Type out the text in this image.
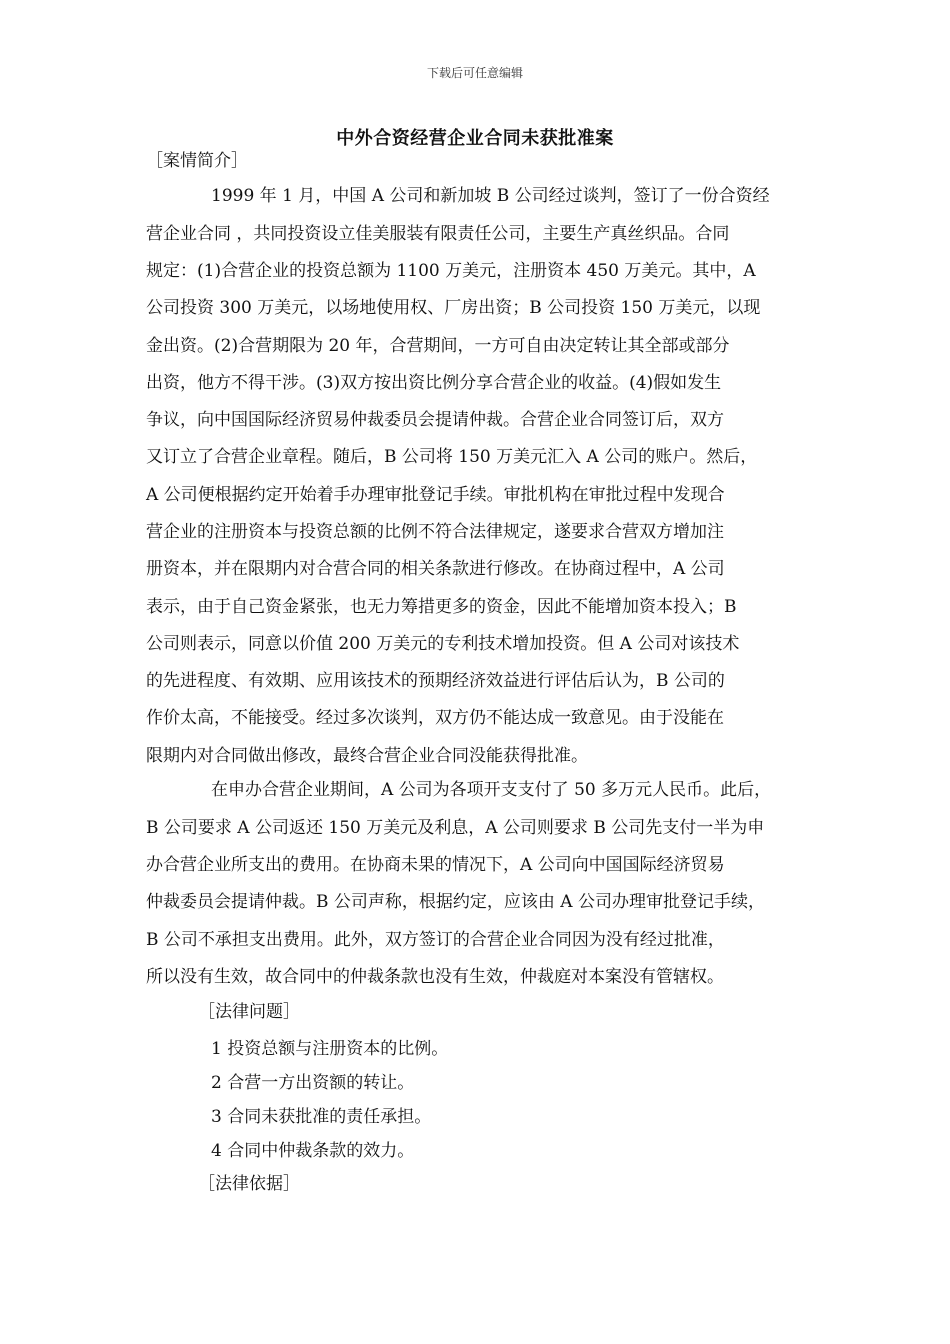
下载后可任意编辑
中外合资经营企业合同未获批准案
［案情简介］
1999 年 1 月，中国 A 公司和新加坡 B 公司经过谈判，签订了一份合资经
营企业合同 ，共同投资设立佳美服装有限责任公司，主要生产真丝织品。合同
规定：(1)合营企业的投资总额为 1100 万美元，注册资本 450 万美元。其中，A
公司投资 300 万美元，以场地使用权、厂房出资；B 公司投资 150 万美元，以现
金出资。(2)合营期限为 20 年，合营期间，一方可自由决定转让其全部或部分
出资，他方不得干涉。(3)双方按出资比例分享合营企业的收益。(4)假如发生
争议，向中国国际经济贸易仲裁委员会提请仲裁。合营企业合同签订后，双方
又订立了合营企业章程。随后，B 公司将 150 万美元汇入 A 公司的账户。然后，
A 公司便根据约定开始着手办理审批登记手续。审批机构在审批过程中发现合
营企业的注册资本与投资总额的比例不符合法律规定，遂要求合营双方增加注
册资本，并在限期内对合营合同的相关条款进行修改。在协商过程中，A 公司
表示，由于自己资金紧张，也无力筹措更多的资金，因此不能增加资本投入；B
公司则表示，同意以价值 200 万美元的专利技术增加投资。但 A 公司对该技术
的先进程度、有效期、应用该技术的预期经济效益进行评估后认为，B 公司的
作价太高，不能接受。经过多次谈判，双方仍不能达成一致意见。由于没能在
限期内对合同做出修改，最终合营企业合同没能获得批准。
在申办合营企业期间，A 公司为各项开支支付了 50 多万元人民币。此后，
B 公司要求 A 公司返还 150 万美元及利息，A 公司则要求 B 公司先支付一半为申
办合营企业所支出的费用。在协商未果的情况下，A 公司向中国国际经济贸易
仲裁委员会提请仲裁。B 公司声称，根据约定，应该由 A 公司办理审批登记手续，
B 公司不承担支出费用。此外，双方签订的合营企业合同因为没有经过批准，
所以没有生效，故合同中的仲裁条款也没有生效，仲裁庭对本案没有管辖权。
［法律问题］
1 投资总额与注册资本的比例。
2 合营一方出资额的转让。
3 合同未获批准的责任承担。
4 合同中仲裁条款的效力。
［法律依据］
